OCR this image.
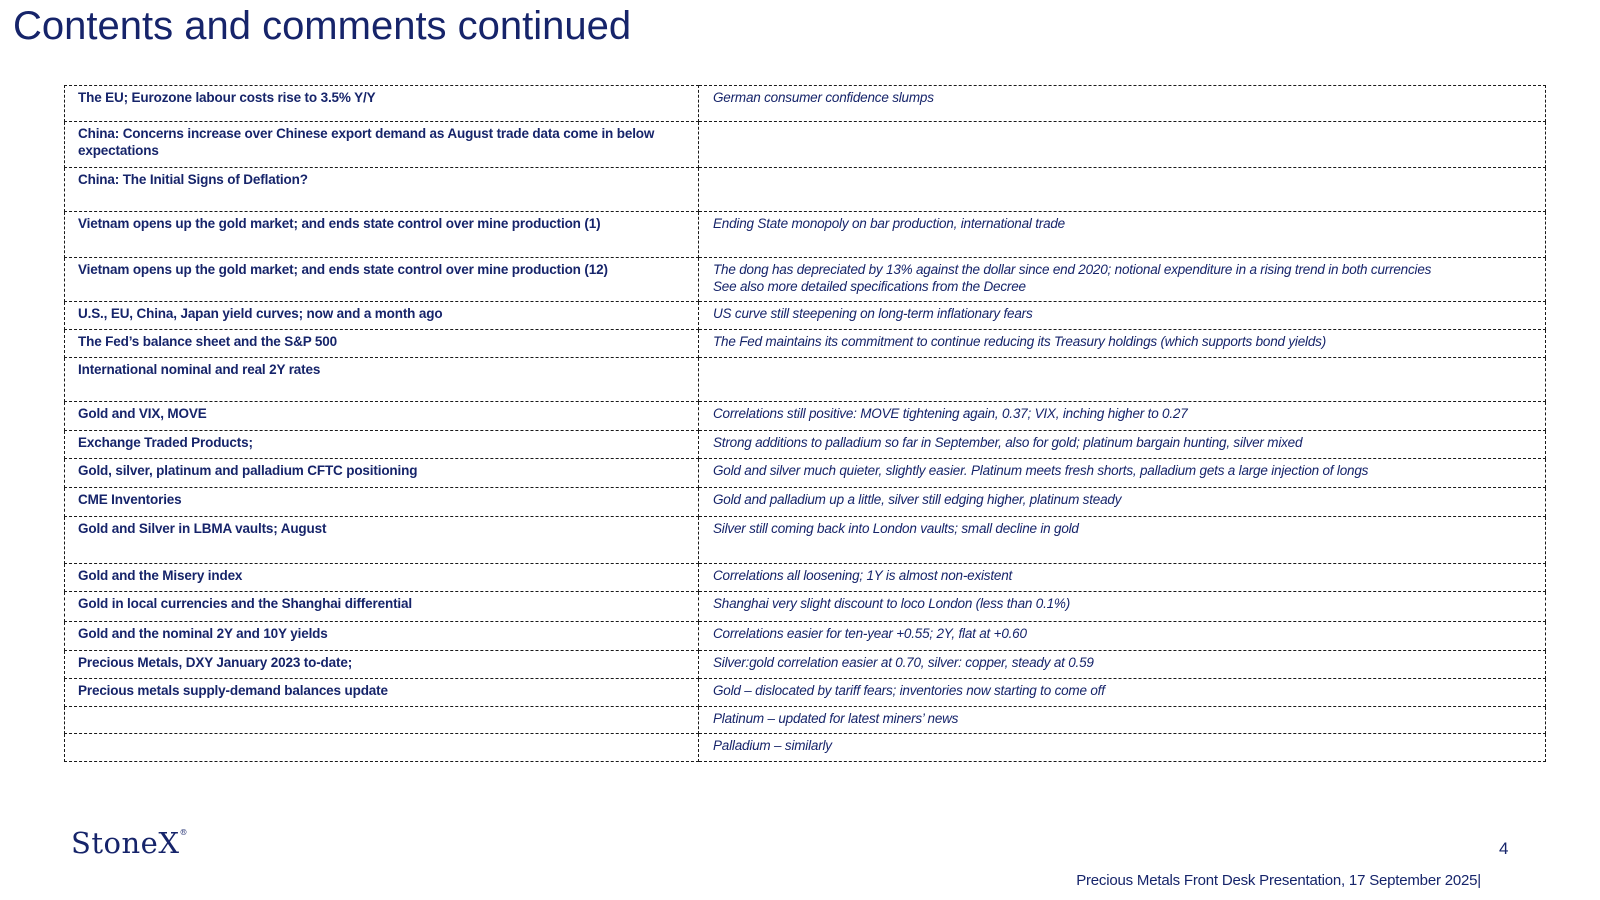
Contents and comments continued
The EU; Eurozone labour costs rise to 3.5% Y/Y	German consumer confidence slumps
China: Concerns increase over Chinese export demand as August trade data come in below expectations	
China: The Initial Signs of Deflation?	
Vietnam opens up the gold market; and ends state control over mine production (1)	Ending State monopoly on bar production, international trade
Vietnam opens up the gold market; and ends state control over mine production (12)	The dong has depreciated by 13% against the dollar since end 2020; notional expenditure in a rising trend in both currencies
See also more detailed specifications from the Decree

U.S., EU, China, Japan yield curves; now and a month ago	US curve still steepening on long-term inflationary fears
The Fed’s balance sheet and the S&P 500	The Fed maintains its commitment to continue reducing its Treasury holdings (which supports bond yields)
International nominal and real 2Y rates	
Gold and VIX, MOVE	Correlations still positive: MOVE tightening again, 0.37; VIX, inching higher to 0.27
Exchange Traded Products;	Strong additions to palladium so far in September, also for gold; platinum bargain hunting, silver mixed
Gold, silver, platinum and palladium CFTC positioning	Gold and silver much quieter, slightly easier. Platinum meets fresh shorts, palladium gets a large injection of longs
CME Inventories	Gold and palladium up a little, silver still edging higher, platinum steady
Gold and Silver in LBMA vaults; August	Silver still coming back into London vaults; small decline in gold
Gold and the Misery index	Correlations all loosening; 1Y is almost non-existent
Gold in local currencies and the Shanghai differential	Shanghai very slight discount to loco London (less than 0.1%)
Gold and the nominal 2Y and 10Y yields	Correlations easier for ten-year +0.55; 2Y, flat at +0.60
Precious Metals, DXY January 2023 to-date;	Silver:gold correlation easier at 0.70, silver: copper, steady at 0.59
Precious metals supply-demand balances update	Gold – dislocated by tariff fears; inventories now starting to come off
	Platinum – updated for latest miners’ news
	Palladium – similarly
StoneX®
4
Precious Metals Front Desk Presentation, 17 September 2025|
